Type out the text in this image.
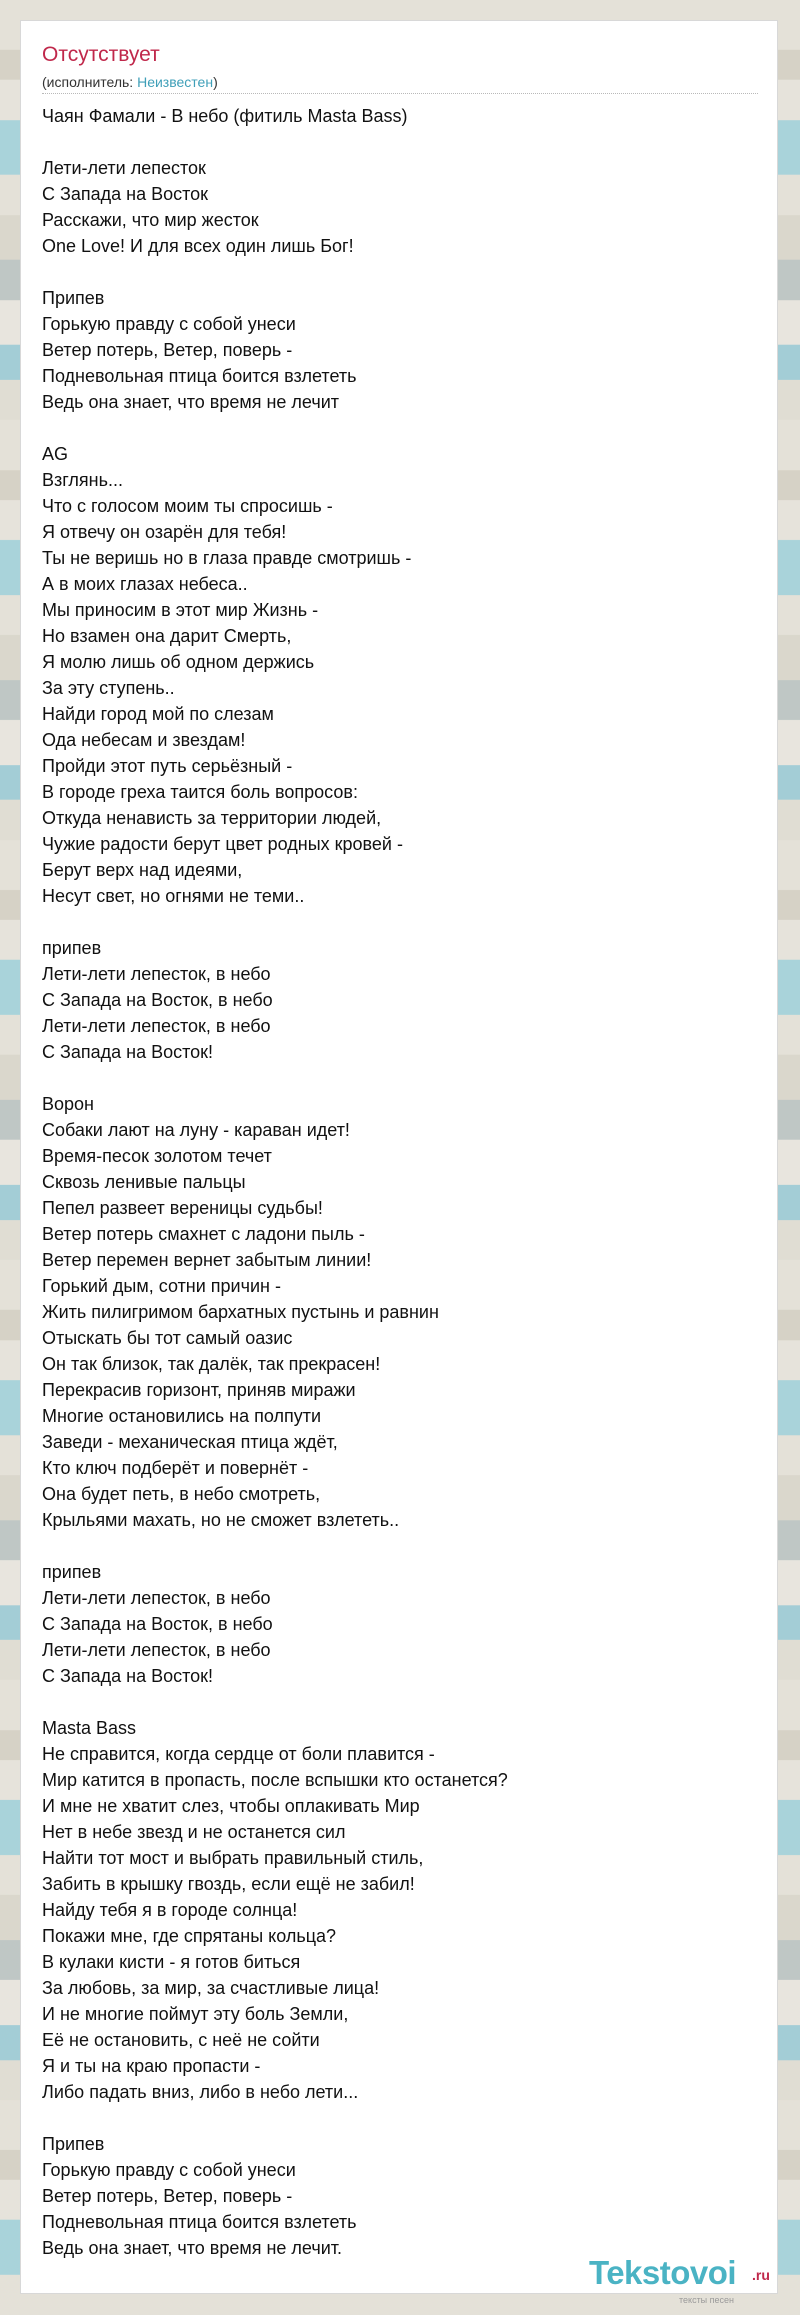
Отсутствует
(исполнитель: Неизвестен)
Чаян Фамали - В небо (фитиль Masta Bass)

Лети-лети лепесток
С Запада на Восток
Расскажи, что мир жесток
One Love! И для всех один лишь Бог!

Припев
Горькую правду с собой унеси
Ветер потерь, Ветер, поверь -
Подневольная птица боится взлететь
Ведь она знает, что время не лечит

AG
Взглянь...
Что с голосом моим ты спросишь -
Я отвечу он озарён для тебя!
Ты не веришь но в глаза правде смотришь -
А в моих глазах небеса..
Мы приносим в этот мир Жизнь -
Но взамен она дарит Смерть,
Я молю лишь об одном держись
За эту ступень..
Найди город мой по слезам
Ода небесам и звездам!
Пройди этот путь серьёзный -
В городе греха таится боль вопросов:
Откуда ненависть за территории людей,
Чужие радости берут цвет родных кровей -
Берут верх над идеями,
Несут свет, но огнями не теми..

припев
Лети-лети лепесток, в небо
С Запада на Восток, в небо
Лети-лети лепесток, в небо
С Запада на Восток!

Ворон
Собаки лают на луну - караван идет!
Время-песок золотом течет
Сквозь ленивые пальцы
Пепел развеет вереницы судьбы!
Ветер потерь смахнет с ладони пыль -
Ветер перемен вернет забытым линии!
Горький дым, сотни причин -
Жить пилигримом бархатных пустынь и равнин
Отыскать бы тот самый оазис
Он так близок, так далёк, так прекрасен!
Перекрасив горизонт, приняв миражи
Многие остановились на полпути
Заведи - механическая птица ждёт,
Кто ключ подберёт и повернёт -
Она будет петь, в небо смотреть,
Крыльями махать, но не сможет взлететь..

припев
Лети-лети лепесток, в небо
С Запада на Восток, в небо
Лети-лети лепесток, в небо
С Запада на Восток!

Masta Bass
Не справится, когда сердце от боли плавится -
Мир катится в пропасть, после вспышки кто останется?
И мне не хватит слез, чтобы оплакивать Мир
Нет в небе звезд и не останется сил
Найти тот мост и выбрать правильный стиль,
Забить в крышку гвоздь, если ещё не забил!
Найду тебя я в городе солнца!
Покажи мне, где спрятаны кольца?
В кулаки кисти - я готов биться
За любовь, за мир, за счастливые лица!
И не многие поймут эту боль Земли,
Её не остановить, с неё не сойти
Я и ты на краю пропасти -
Либо падать вниз, либо в небо лети...

Припев
Горькую правду с собой унеси
Ветер потерь, Ветер, поверь -
Подневольная птица боится взлететь
Ведь она знает, что время не лечит.
Tekstovoi .ru
тексты песен
